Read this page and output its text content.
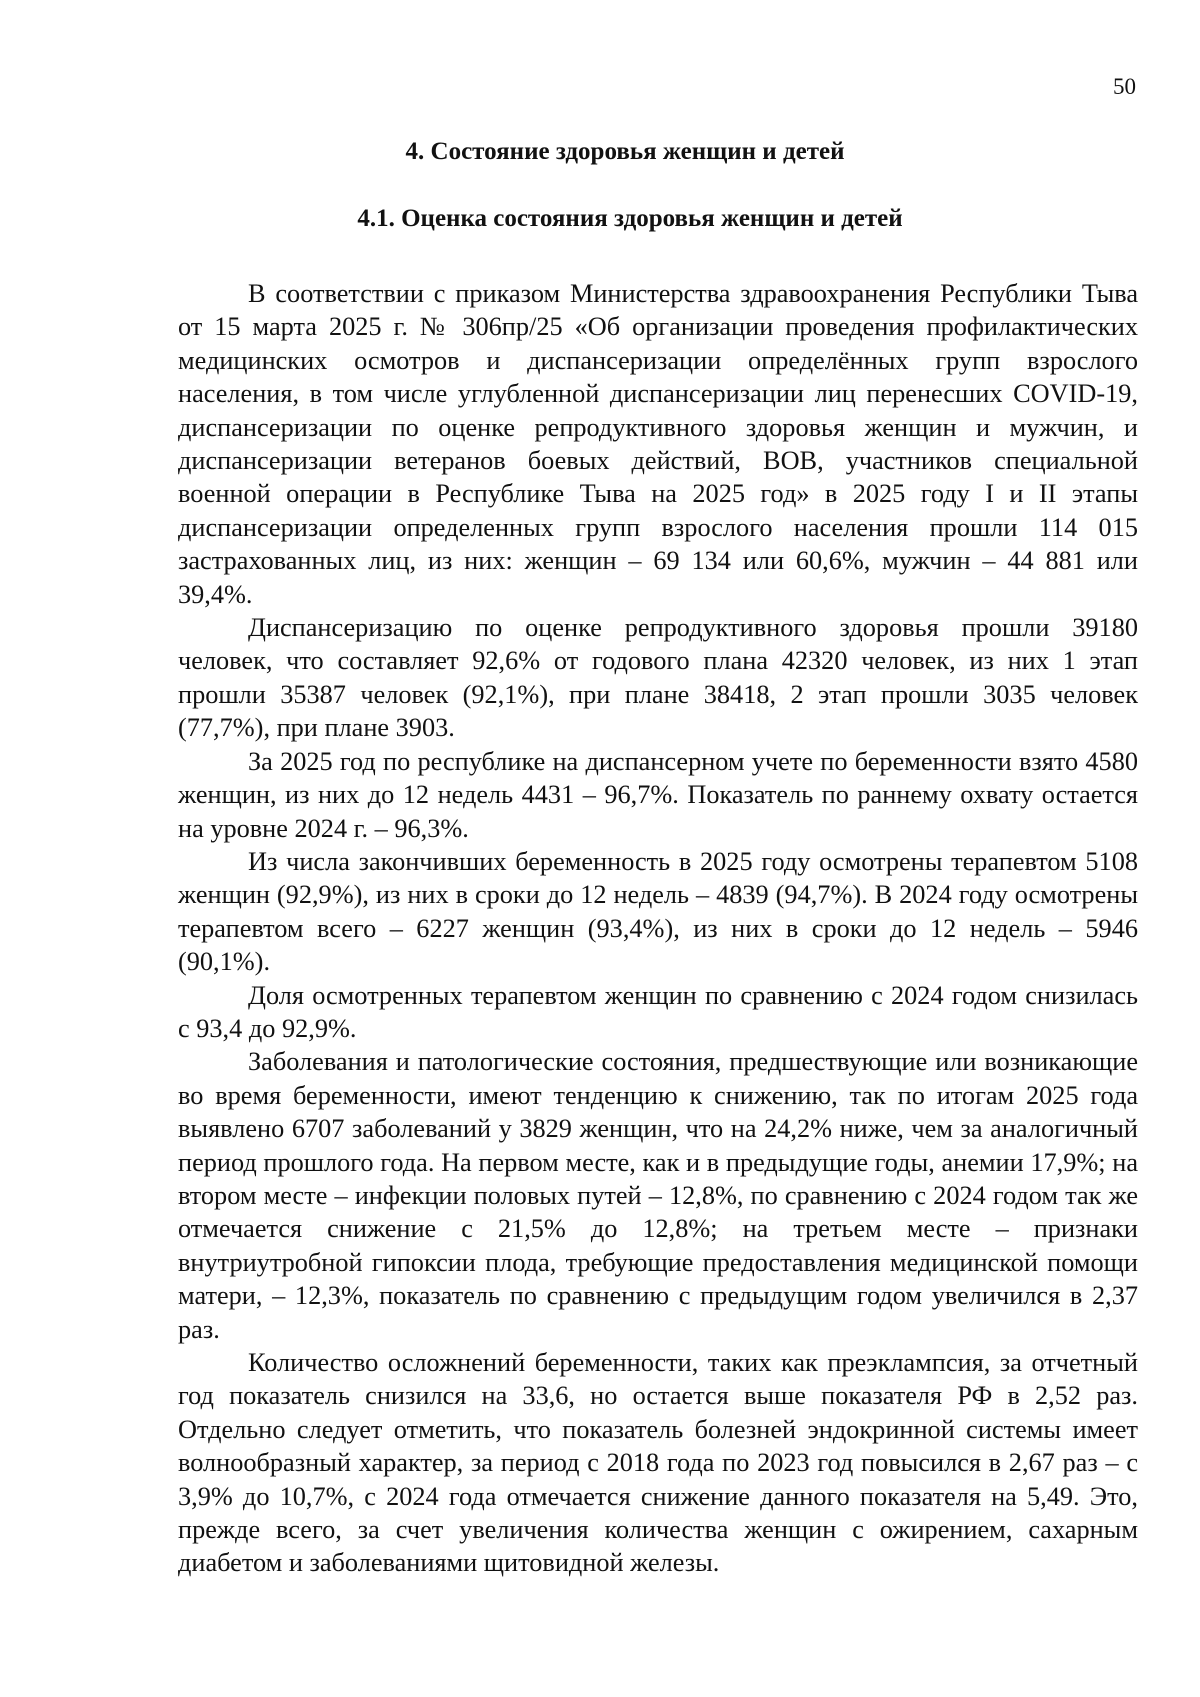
50
4. Состояние здоровья женщин и детей
4.1. Оценка состояния здоровья женщин и детей

В соответствии с приказом Министерства здравоохранения Республики Тыва от 15 марта 2025 г. № 306пр/25 «Об организации проведения профилактических медицинских осмотров и диспансеризации определённых групп взрослого населения, в том числе углубленной диспансеризации лиц перенесших COVID-19, диспансеризации по оценке репродуктивного здоровья женщин и мужчин, и диспансеризации ветеранов боевых действий, ВОВ, участников специальной военной операции в Республике Тыва на 2025 год» в 2025 году I и II этапы диспансеризации определенных групп взрослого населения прошли 114 015 застрахованных лиц, из них: женщин – 69 134 или 60,6%, мужчин – 44 881 или 39,4%.

Диспансеризацию по оценке репродуктивного здоровья прошли 39180 человек, что составляет 92,6% от годового плана 42320 человек, из них 1 этап прошли 35387 человек (92,1%), при плане 38418, 2 этап прошли 3035 человек (77,7%), при плане 3903.

За 2025 год по республике на диспансерном учете по беременности взято 4580 женщин, из них до 12 недель 4431 – 96,7%. Показатель по раннему охвату остается на уровне 2024 г. – 96,3%.

Из числа закончивших беременность в 2025 году осмотрены терапевтом 5108 женщин (92,9%), из них в сроки до 12 недель – 4839 (94,7%). В 2024 году осмотрены терапевтом всего – 6227 женщин (93,4%), из них в сроки до 12 недель – 5946 (90,1%).

Доля осмотренных терапевтом женщин по сравнению с 2024 годом снизилась с 93,4 до 92,9%.

Заболевания и патологические состояния, предшествующие или возникающие во время беременности, имеют тенденцию к снижению, так по итогам 2025 года выявлено 6707 заболеваний у 3829 женщин, что на 24,2% ниже, чем за аналогичный период прошлого года. На первом месте, как и в предыдущие годы, анемии 17,9%; на втором месте – инфекции половых путей – 12,8%, по сравнению с 2024 годом так же отмечается снижение с 21,5% до 12,8%; на третьем месте – признаки внутриутробной гипоксии плода, требующие предоставления медицинской помощи матери, – 12,3%, показатель по сравнению с предыдущим годом увеличился в 2,37 раз.

Количество осложнений беременности, таких как преэклампсия, за отчетный год показатель снизился на 33,6, но остается выше показателя РФ в 2,52 раз. Отдельно следует отметить, что показатель болезней эндокринной системы имеет волнообразный характер, за период с 2018 года по 2023 год повысился в 2,67 раз – с 3,9% до 10,7%, с 2024 года отмечается снижение данного показателя на 5,49. Это, прежде всего, за счет увеличения количества женщин с ожирением, сахарным диабетом и заболеваниями щитовидной железы.
